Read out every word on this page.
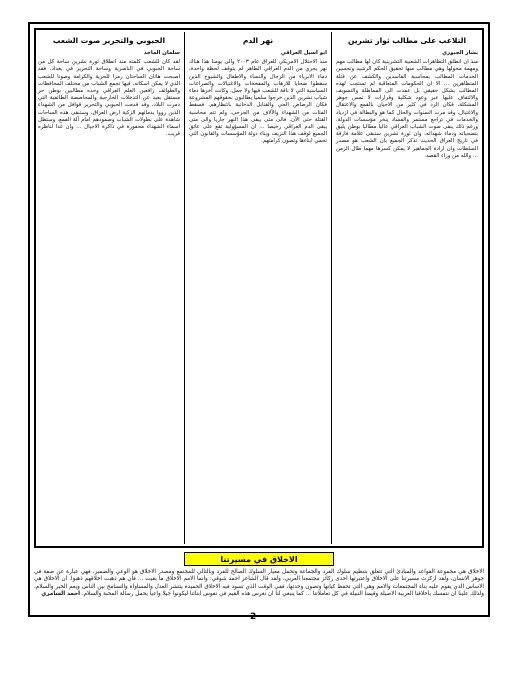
التلاعب على مطالب ثوار تشرين
بشار الجبوري
منذ ان انطلق التظاهرات الشعبية التشرينية كان لها مطالب مهم ومهمة مخولها وهي مطالب منها تحقيق الحكم الرشيد وتحسين الخدمات المطالب بمحاسبة الفاسدين والكشف عن قتلة المتظاهرين ... الا ان الحكومات المتعاقبة لم تستجب لهذه المطالب بشكل حقيقي بل عمدت الى المماطلة والتسويف والالتفاف عليها عبر وعود شكلية وقرارات لا تمس جوهر المشكلة، فكان الرد في كثير من الاحيان بالقمع والاعتقال والاغتيال، وقد مرت السنوات والحال كما هو والبطالة في ازدياد والخدمات في تراجع مستمر والفساد ينخر مؤسسات الدولة، ورغم ذلك يبقى صوت الشباب العراقي عاليا مطالبا بوطن يليق بتضحياته ودماء شهدائه، وان ثورة تشرين ستبقى علامة فارقة في تاريخ العراق الحديث تذكر الجميع بان الشعب هو مصدر السلطات وان ارادة الجماهير لا يمكن كسرها مهما طال الزمن ... والله من وراء القصد.
نهر الدم
ابو اسيل العراقي
منذ الاحتلال الامريكي للعراق عام ٢٠٠٣ والى يومنا هذا هناك نهر يجري من الدم العراقي الطاهر لم يتوقف لحظة واحدة، دماء الابرياء من الرجال والنساء والاطفال والشيوخ الذين سقطوا ضحايا للارهاب والمفخخات والاغتيالات والصراعات السياسية التي لا ناقة للشعب فيها ولا جمل، وكانت آخرها دماء شباب تشرين الذين خرجوا سلميا يطالبون بحقوقهم المشروعة فكان الرصاص الحي والقنابل الدخانية بانتظارهم، فسقط المئات من الشهداء والآلاف من الجرحى، ولم تتم محاسبة القتلة حتى الآن، فالى متى يبقى هذا النهر جاريا والى متى يبقى الدم العراقي رخيصا ... ان المسؤولية تقع على عاتق الجميع لوقف هذا النزيف وبناء دولة المؤسسات والقانون التي تحمي ابناءها وتصون كرامتهم.
الحبوبي والتحرير صوت الشعب
سلمان الماجد
لقد كان للشعب كلمته منذ انطلاق ثورة تشرين ساحة كل من ساحة الحبوبي في الناصرية وساحة التحرير في بغداد، فقد اصبحت هاتان الساحتان رمزا للحرية والكرامة وصوتا للشعب الذي لا يمكن اسكاته، فيها تجمع الشباب من مختلف المحافظات والطوائف رافعين العلم العراقي وحده مطالبين بوطن حر مستقل بعيد عن التدخلات الخارجية والمحاصصة الطائفية التي دمرت البلاد، وقد قدمت الحبوبي والتحرير قوافل من الشهداء الذين رووا بدمائهم الزكية ارض العراق، وستبقى هذه الساحات شاهدة على بطولات الشباب وصمودهم امام آلة القمع، وستظل اسماء الشهداء محفورة في ذاكرة الاجيال ... وان غدا لناظره قريب.
الاخلاق في مسيرتنا
الاخلاق هي مجموعة القواعد والمبادئ التي تتعلق بتنظيم سلوك الفرد والجماعة وتحمل معيار السلوك الصالح للفرد وبالتالي للمجتمع ومصدر الاخلاق هو الوعي والضمير، فهي عبارة عن صفة في جوهر الانسان، ولقد اركزت مسيرتنا على الاخلاق واعتبرتها احدى ركائز مجتمعنا العربي، ولقد قال الشاعر احمد شوقي: وانما الامم الاخلاق ما بقيت ... فان هم ذهبت اخلاقهم ذهبوا. ان الاخلاق هي الاساس الذي يقوم عليه بناء المجتمعات والامم وهي التي تحفظ كيانها وتصون وحدتها، ففي الوقت الذي تسود فيه الاخلاق الحميدة ينتشر العدل والمساواة والتسامح بين الناس ويعم الخير والسلام، ولذلك علينا ان نتمسك باخلاقنا العربية الاصيلة وقيمنا النبيلة في كل تعاملاتنا ... كما ينبغي لنا ان نغرس هذه القيم في نفوس ابنائنا ليكونوا جيلا واعيا يحمل رسالة المحبة والسلام. احمد السامري
2
